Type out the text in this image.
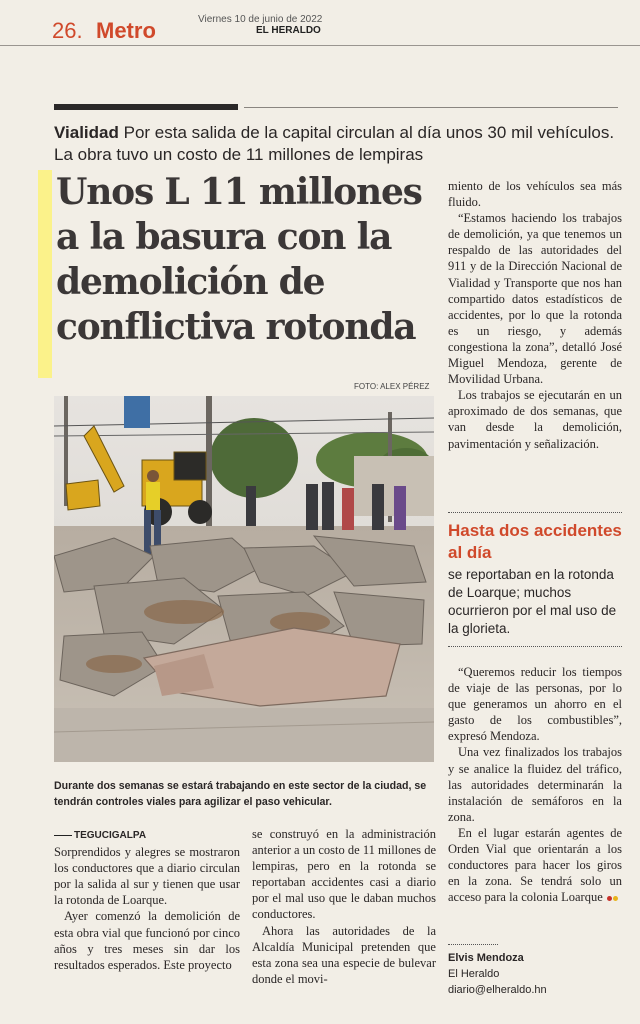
26. Metro	Viernes 10 de junio de 2022
EL HERALDO
Vialidad Por esta salida de la capital circulan al día unos 30 mil vehículos. La obra tuvo un costo de 11 millones de lempiras
Unos L 11 millones
a la basura con la
demolición de
conflictiva rotonda
FOTO: ALEX PÉREZ
Durante dos semanas se estará trabajando en este sector de la ciudad, se tendrán controles viales para agilizar el paso vehicular.

TEGUCIGALPA

Sorprendidos y alegres se mostraron los conductores que a diario circulan por la salida al sur y tienen que usar la rotonda de Loarque.

Ayer comenzó la demolición de esta obra vial que funcionó por cinco años y tres meses sin dar los resultados esperados. Este proyecto

se construyó en la administración anterior a un costo de 11 millones de lempiras, pero en la rotonda se reportaban accidentes casi a diario por el mal uso que le daban muchos conductores.

Ahora las autoridades de la Alcaldía Municipal pretenden que esta zona sea una especie de bulevar donde el movi-

miento de los vehículos sea más fluido.

“Estamos haciendo los trabajos de demolición, ya que tenemos un respaldo de las autoridades del 911 y de la Dirección Nacional de Vialidad y Transporte que nos han compartido datos estadísticos de accidentes, por lo que la rotonda es un riesgo, y además congestiona la zona”, detalló José Miguel Mendoza, gerente de Movilidad Urbana.

Los trabajos se ejecutarán en un aproximado de dos semanas, que van desde la demolición, pavimentación y señalización.

Hasta dos accidentes al día
se reportaban en la rotonda de Loarque; muchos ocurrieron por el mal uso de la glorieta.

“Queremos reducir los tiempos de viaje de las personas, por lo que generamos un ahorro en el gasto de los combustibles”, expresó Mendoza.

Una vez finalizados los trabajos y se analice la fluidez del tráfico, las autoridades determinarán la instalación de semáforos en la zona.

En el lugar estarán agentes de Orden Vial que orientarán a los conductores para hacer los giros en la zona. Se tendrá solo un acceso para la colonia Loarque

Elvis Mendoza
El Heraldo
diario@elheraldo.hn
